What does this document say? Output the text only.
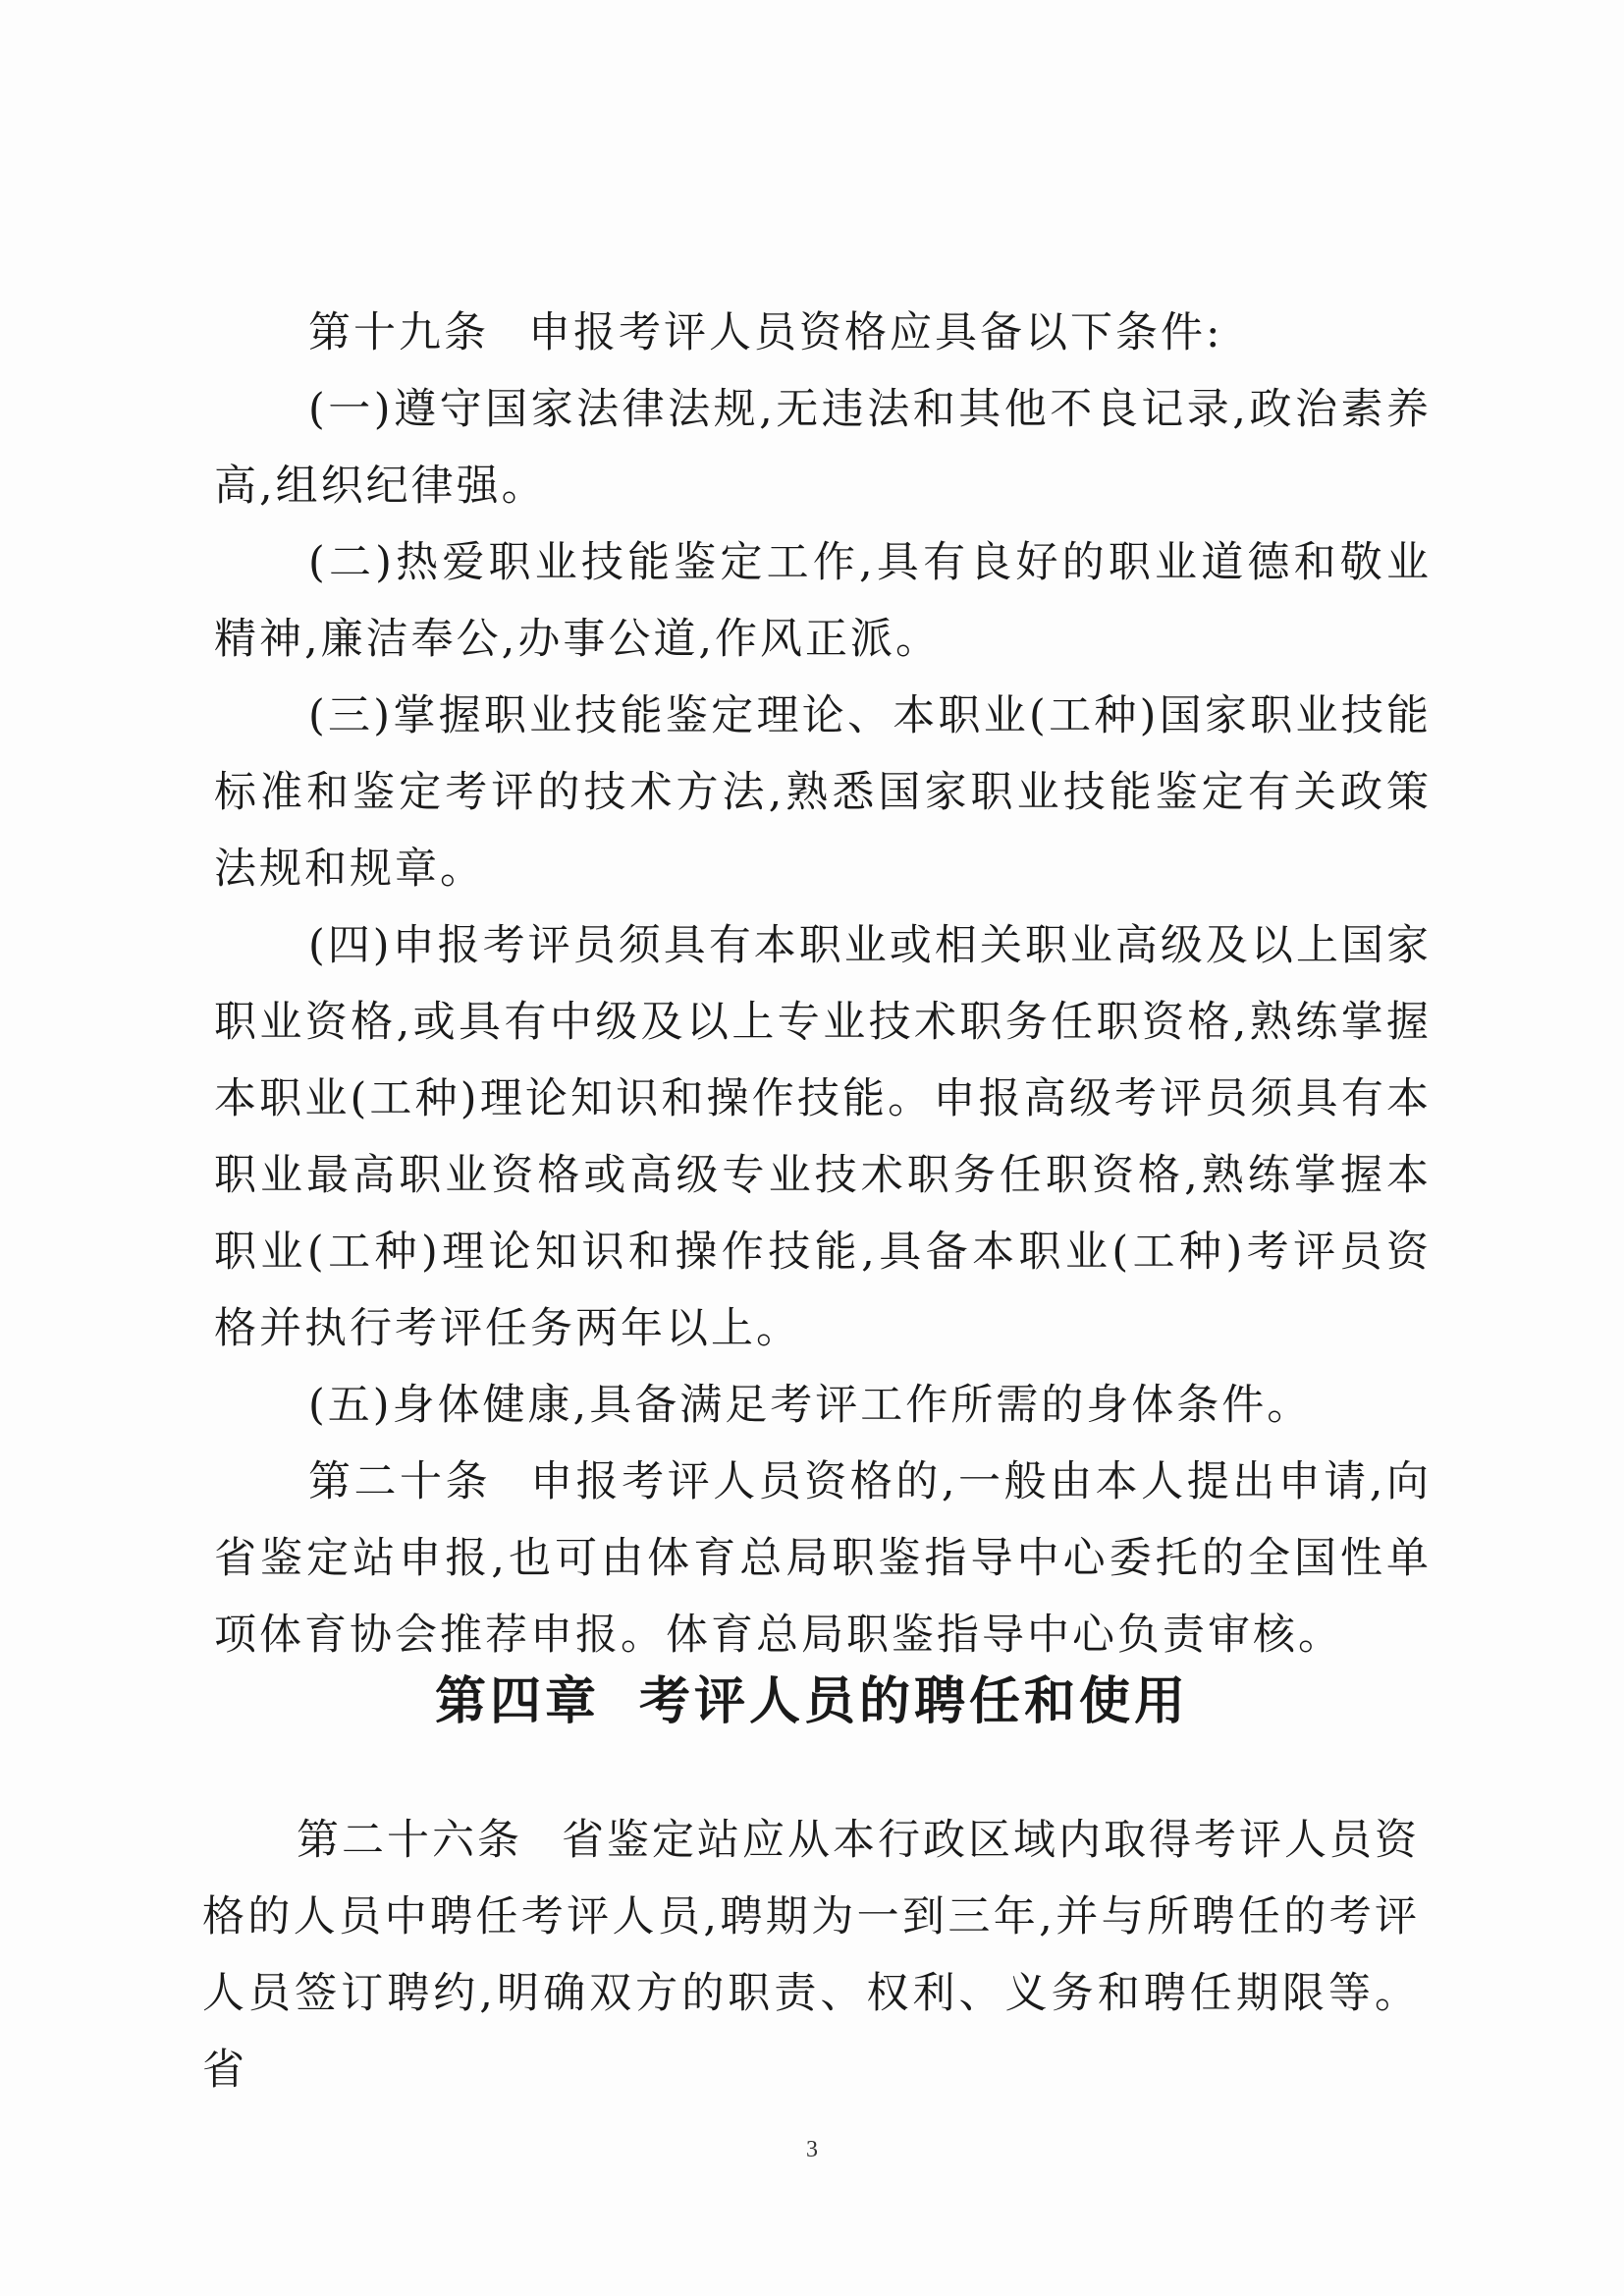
第十九条 申报考评人员资格应具备以下条件:

(一)遵守国家法律法规,无违法和其他不良记录,政治素养高,组织纪律强。

(二)热爱职业技能鉴定工作,具有良好的职业道德和敬业精神,廉洁奉公,办事公道,作风正派。

(三)掌握职业技能鉴定理论、本职业(工种)国家职业技能标准和鉴定考评的技术方法,熟悉国家职业技能鉴定有关政策法规和规章。

(四)申报考评员须具有本职业或相关职业高级及以上国家职业资格,或具有中级及以上专业技术职务任职资格,熟练掌握本职业(工种)理论知识和操作技能。申报高级考评员须具有本职业最高职业资格或高级专业技术职务任职资格,熟练掌握本职业(工种)理论知识和操作技能,具备本职业(工种)考评员资格并执行考评任务两年以上。

(五)身体健康,具备满足考评工作所需的身体条件。

第二十条 申报考评人员资格的,一般由本人提出申请,向省鉴定站申报,也可由体育总局职鉴指导中心委托的全国性单项体育协会推荐申报。体育总局职鉴指导中心负责审核。

第四章 考评人员的聘任和使用

第二十六条 省鉴定站应从本行政区域内取得考评人员资格的人员中聘任考评人员,聘期为一到三年,并与所聘任的考评人员签订聘约,明确双方的职责、权利、义务和聘任期限等。省

3
